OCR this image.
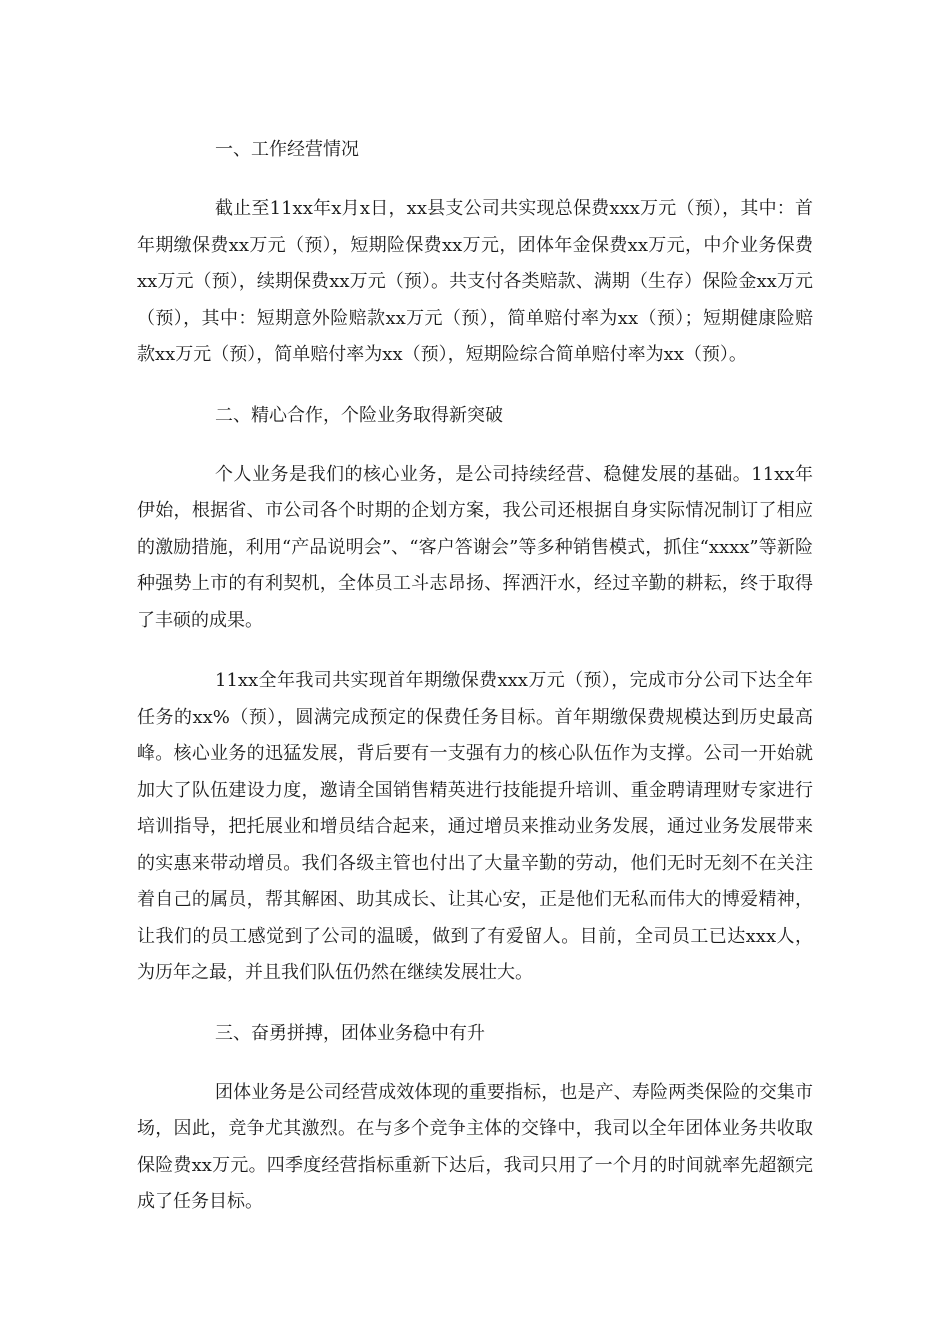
一、工作经营情况

截止至11xx年x月x日，xx县支公司共实现总保费xxx万元（预），其中：首年期缴保费xx万元（预），短期险保费xx万元，团体年金保费xx万元，中介业务保费xx万元（预），续期保费xx万元（预）。共支付各类赔款、满期（生存）保险金xx万元（预），其中：短期意外险赔款xx万元（预），简单赔付率为xx（预）；短期健康险赔款xx万元（预），简单赔付率为xx（预），短期险综合简单赔付率为xx（预）。

二、精心合作，个险业务取得新突破

个人业务是我们的核心业务，是公司持续经营、稳健发展的基础。11xx年伊始，根据省、市公司各个时期的企划方案，我公司还根据自身实际情况制订了相应的激励措施，利用“产品说明会”、“客户答谢会”等多种销售模式，抓住“xxxx”等新险种强势上市的有利契机，全体员工斗志昂扬、挥洒汗水，经过辛勤的耕耘，终于取得了丰硕的成果。

11xx全年我司共实现首年期缴保费xxx万元（预），完成市分公司下达全年任务的xx%（预），圆满完成预定的保费任务目标。首年期缴保费规模达到历史最高峰。核心业务的迅猛发展，背后要有一支强有力的核心队伍作为支撑。公司一开始就加大了队伍建设力度，邀请全国销售精英进行技能提升培训、重金聘请理财专家进行培训指导，把托展业和增员结合起来，通过增员来推动业务发展，通过业务发展带来的实惠来带动增员。我们各级主管也付出了大量辛勤的劳动，他们无时无刻不在关注着自己的属员，帮其解困、助其成长、让其心安，正是他们无私而伟大的博爱精神，让我们的员工感觉到了公司的温暖，做到了有爱留人。目前，全司员工已达xxx人，为历年之最，并且我们队伍仍然在继续发展壮大。

三、奋勇拼搏，团体业务稳中有升

团体业务是公司经营成效体现的重要指标，也是产、寿险两类保险的交集市场，因此，竞争尤其激烈。在与多个竞争主体的交锋中，我司以全年团体业务共收取保险费xx万元。四季度经营指标重新下达后，我司只用了一个月的时间就率先超额完成了任务目标。
